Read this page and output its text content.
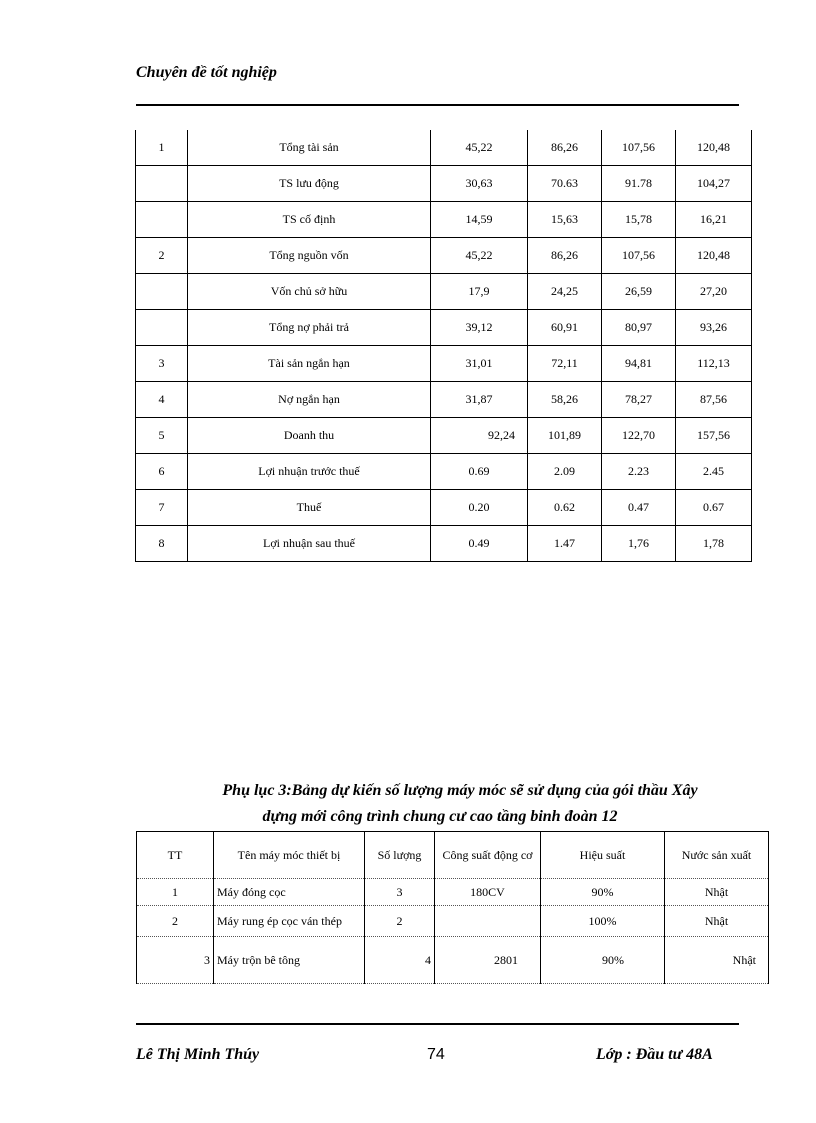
Chuyên đề tốt nghiệp
1	Tổng tài sản	45,22	86,26	107,56	120,48
	TS lưu động	30,63	70.63	91.78	104,27
	TS cố định	14,59	15,63	15,78	16,21
2	Tổng nguồn vốn	45,22	86,26	107,56	120,48
	Vốn chủ sở hữu	17,9	24,25	26,59	27,20
	Tổng nợ phải trả	39,12	60,91	80,97	93,26
3	Tài sản ngắn hạn	31,01	72,11	94,81	112,13
4	Nợ ngắn hạn	31,87	58,26	78,27	87,56
5	Doanh thu	92,24	101,89	122,70	157,56
6	Lợi nhuận trước thuế	0.69	2.09	2.23	2.45
7	Thuế	0.20	0.62	0.47	0.67
8	Lợi nhuận sau thuế	0.49	1.47	1,76	1,78
Phụ lục 3:Bảng dự kiến số lượng máy móc sẽ sử dụng của gói thầu Xây
dựng mới công trình chung cư cao tầng binh đoàn 12
TT	Tên máy móc thiết bị	Số lượng	Công suất động cơ	Hiệu suất	Nước sản xuất
1	Máy đóng cọc	3	180CV	90%	Nhật
2	Máy rung ép cọc ván thép	2		100%	Nhật
3	Máy trộn bê tông	4	2801	90%	Nhật
Lê Thị Minh Thúy	74	Lớp : Đầu tư 48A
